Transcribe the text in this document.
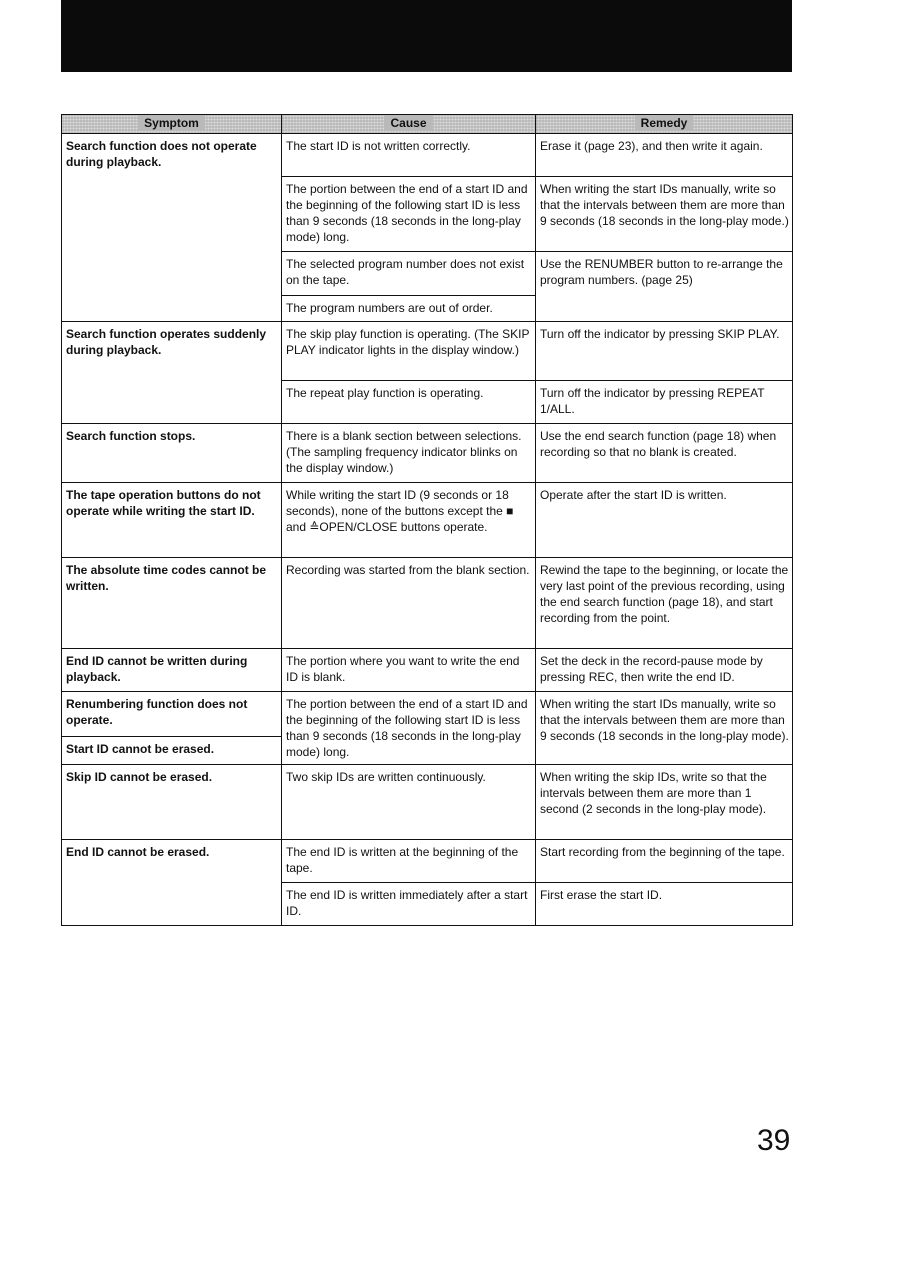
Symptom	Cause	Remedy
Search function does not operate during playback.	The start ID is not written correctly.	Erase it (page 23), and then write it again.
	The portion between the end of a start ID and the beginning of the following start ID is less than 9 seconds (18 seconds in the long-play mode) long.	When writing the start IDs manually, write so that the intervals between them are more than 9 seconds (18 seconds in the long-play mode.)
	The selected program number does not exist on the tape.	Use the RENUMBER button to re-arrange the program numbers. (page 25)
	The program numbers are out of order.	
Search function operates suddenly during playback.	The skip play function is operating. (The SKIP PLAY indicator lights in the display window.)	Turn off the indicator by pressing SKIP PLAY.
	The repeat play function is operating.	Turn off the indicator by pressing REPEAT 1/ALL.
Search function stops.	There is a blank section between selections. (The sampling frequency indicator blinks on the display window.)	Use the end search function (page 18) when recording so that no blank is created.
The tape operation buttons do not operate while writing the start ID.	While writing the start ID (9 seconds or 18 seconds), none of the buttons except the ■ and ≙OPEN/CLOSE buttons operate.	Operate after the start ID is written.
The absolute time codes cannot be written.	Recording was started from the blank section.	Rewind the tape to the beginning, or locate the very last point of the previous recording, using the end search function (page 18), and start recording from the point.
End ID cannot be written during playback.	The portion where you want to write the end ID is blank.	Set the deck in the record-pause mode by pressing REC, then write the end ID.
Renumbering function does not operate.	The portion between the end of a start ID and the beginning of the following start ID is less than 9 seconds (18 seconds in the long-play mode) long.	When writing the start IDs manually, write so that the intervals between them are more than 9 seconds (18 seconds in the long-play mode).
Start ID cannot be erased.		
Skip ID cannot be erased.	Two skip IDs are written continuously.	When writing the skip IDs, write so that the intervals between them are more than 1 second (2 seconds in the long-play mode).
End ID cannot be erased.	The end ID is written at the beginning of the tape.	Start recording from the beginning of the tape.
	The end ID is written immediately after a start ID.	First erase the start ID.
39
